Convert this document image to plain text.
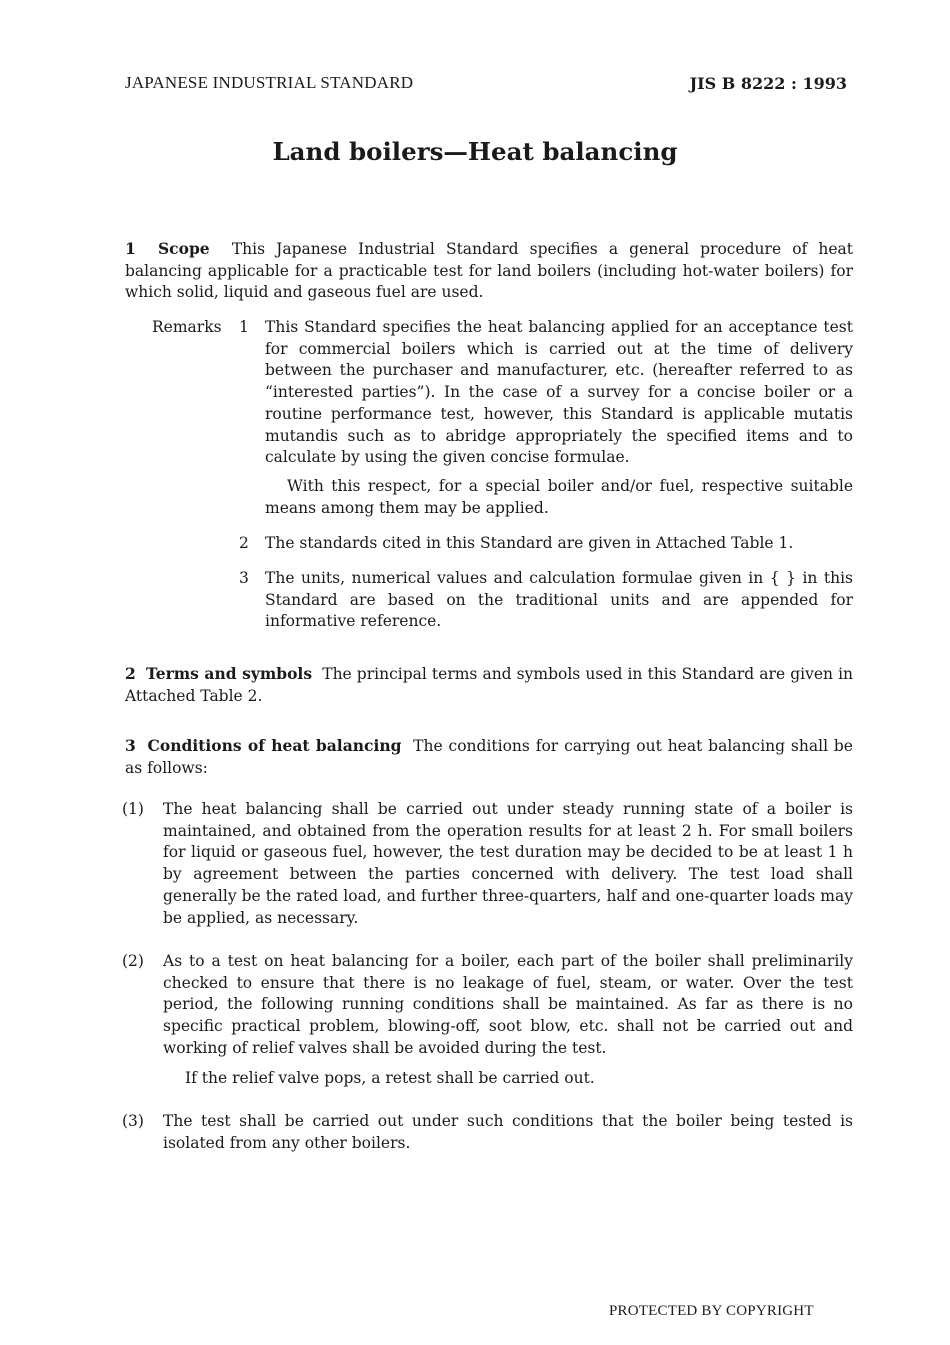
JAPANESE INDUSTRIAL STANDARD	JIS B 8222 : 1993
Land boilers—Heat balancing
1 Scope This Japanese Industrial Standard specifies a general procedure of heat balancing applicable for a practicable test for land boilers (including hot-water boilers) for which solid, liquid and gaseous fuel are used.
Remarks 1 This Standard specifies the heat balancing applied for an acceptance test for commercial boilers which is carried out at the time of delivery between the purchaser and manufacturer, etc. (hereafter referred to as “interested parties”). In the case of a survey for a concise boiler or a routine performance test, however, this Standard is applicable mutatis mutandis such as to abridge appropriately the specified items and to calculate by using the given concise formulae.
With this respect, for a special boiler and/or fuel, respective suitable means among them may be applied.
2 The standards cited in this Standard are given in Attached Table 1.
3 The units, numerical values and calculation formulae given in { } in this Standard are based on the traditional units and are appended for informative reference.
2 Terms and symbols The principal terms and symbols used in this Standard are given in Attached Table 2.
3 Conditions of heat balancing The conditions for carrying out heat balancing shall be as follows:
(1) The heat balancing shall be carried out under steady running state of a boiler is maintained, and obtained from the operation results for at least 2 h. For small boilers for liquid or gaseous fuel, however, the test duration may be decided to be at least 1 h by agreement between the parties concerned with delivery. The test load shall generally be the rated load, and further three-quarters, half and one-quarter loads may be applied, as necessary.
(2) As to a test on heat balancing for a boiler, each part of the boiler shall preliminarily checked to ensure that there is no leakage of fuel, steam, or water. Over the test period, the following running conditions shall be maintained. As far as there is no specific practical problem, blowing-off, soot blow, etc. shall not be carried out and working of relief valves shall be avoided during the test.
If the relief valve pops, a retest shall be carried out.
(3) The test shall be carried out under such conditions that the boiler being tested is isolated from any other boilers.
PROTECTED BY COPYRIGHT
